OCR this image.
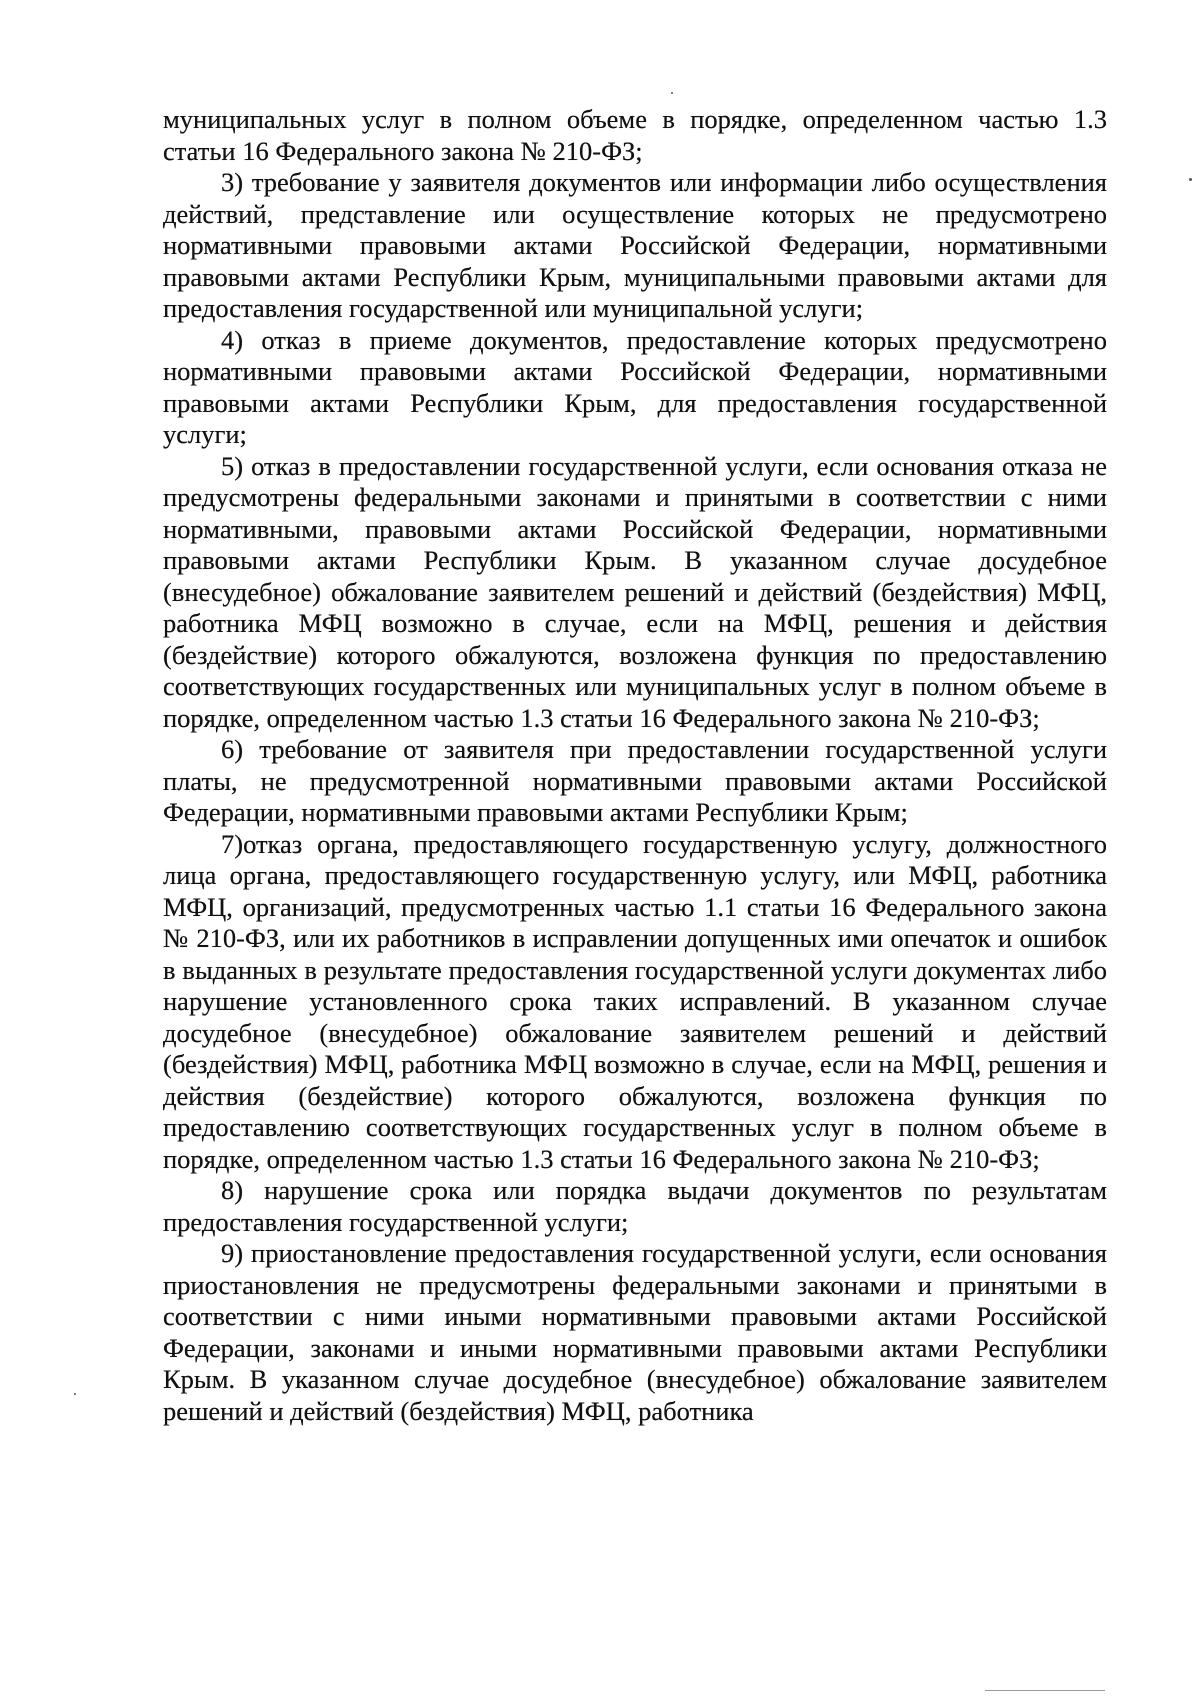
муниципальных услуг в полном объеме в порядке, определенном частью 1.3 статьи 16 Федерального закона № 210-ФЗ;

3) требование у заявителя документов или информации либо осуществления действий, представление или осуществление которых не предусмотрено нормативными правовыми актами Российской Федерации, нормативными правовыми актами Республики Крым, муниципальными правовыми актами для предоставления государственной или муниципальной услуги;

4) отказ в приеме документов, предоставление которых предусмотрено нормативными правовыми актами Российской Федерации, нормативными правовыми актами Республики Крым, для предоставления государственной услуги;

5) отказ в предоставлении государственной услуги, если основания отказа не предусмотрены федеральными законами и принятыми в соответствии с ними нормативными, правовыми актами Российской Федерации, нормативными правовыми актами Республики Крым. В указанном случае досудебное (внесудебное) обжалование заявителем решений и действий (бездействия) МФЦ, работника МФЦ возможно в случае, если на МФЦ, решения и действия (бездействие) которого обжалуются, возложена функция по предоставлению соответствующих государственных или муниципальных услуг в полном объеме в порядке, определенном частью 1.3 статьи 16 Федерального закона № 210-ФЗ;

6) требование от заявителя при предоставлении государственной услуги платы, не предусмотренной нормативными правовыми актами Российской Федерации, нормативными правовыми актами Республики Крым;

7)отказ органа, предоставляющего государственную услугу, должностного лица органа, предоставляющего государственную услугу, или МФЦ, работника МФЦ, организаций, предусмотренных частью 1.1 статьи 16 Федерального закона № 210-ФЗ, или их работников в исправлении допущенных ими опечаток и ошибок в выданных в результате предоставления государственной услуги документах либо нарушение установленного срока таких исправлений. В указанном случае досудебное (внесудебное) обжалование заявителем решений и действий (бездействия) МФЦ, работника МФЦ возможно в случае, если на МФЦ, решения и действия (бездействие) которого обжалуются, возложена функция по предоставлению соответствующих государственных услуг в полном объеме в порядке, определенном частью 1.3 статьи 16 Федерального закона № 210-ФЗ;

8) нарушение срока или порядка выдачи документов по результатам предоставления государственной услуги;

9) приостановление предоставления государственной услуги, если основания приостановления не предусмотрены федеральными законами и принятыми в соответствии с ними иными нормативными правовыми актами Российской Федерации, законами и иными нормативными правовыми актами Республики Крым. В указанном случае досудебное (внесудебное) обжалование заявителем решений и действий (бездействия) МФЦ, работника
